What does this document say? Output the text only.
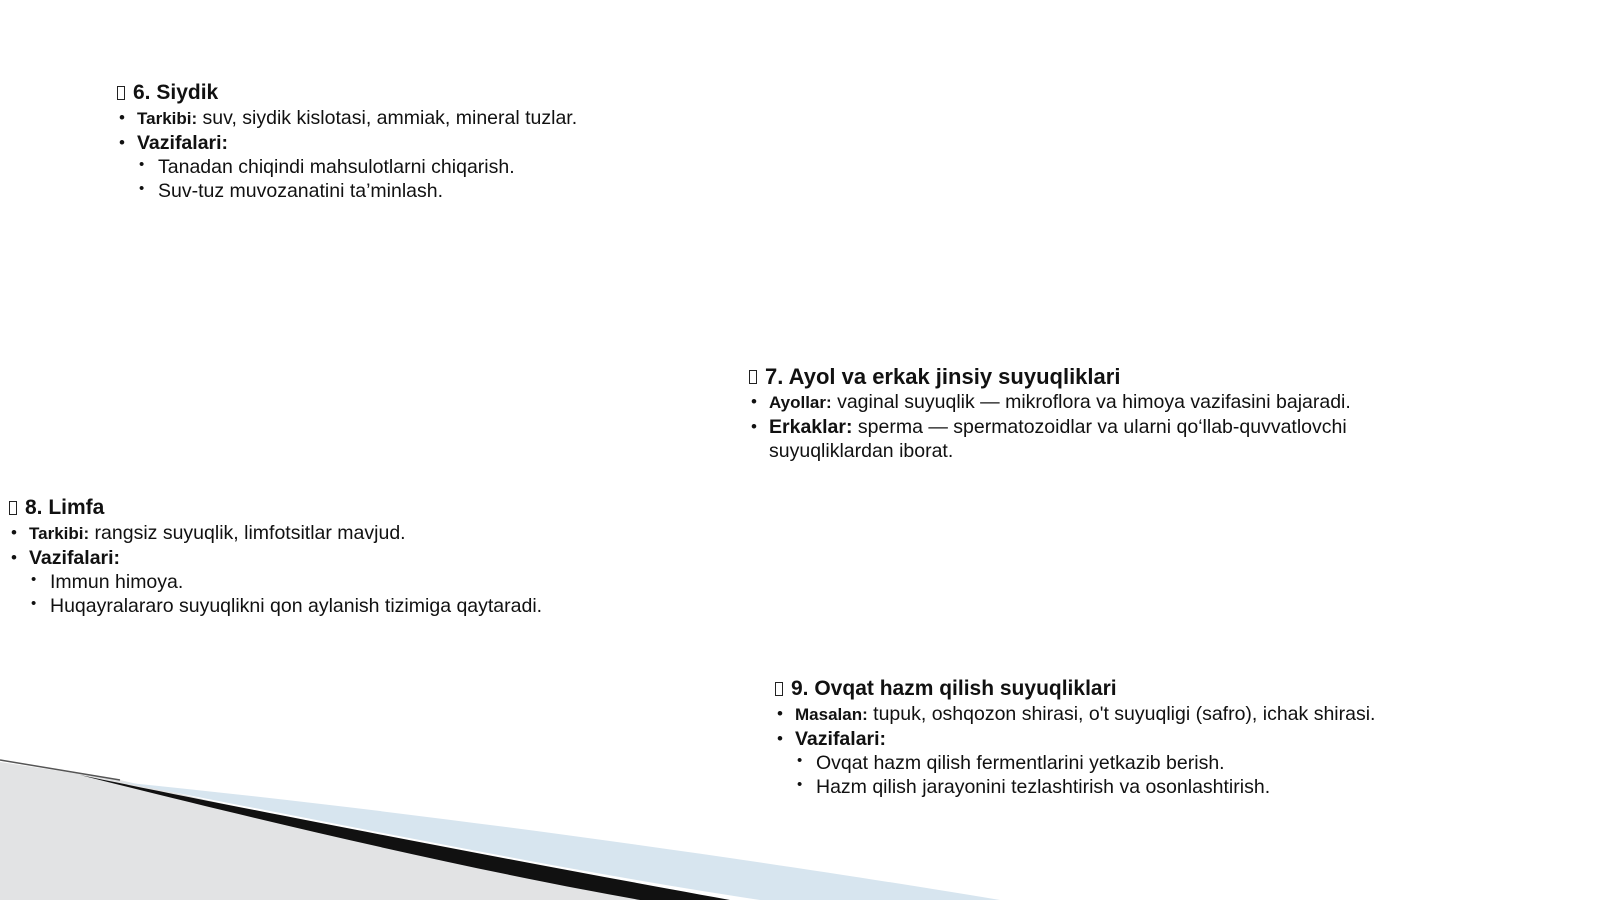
6. Siydik
• Tarkibi: suv, siydik kislotasi, ammiak, mineral tuzlar.
• Vazifalari:
• Tanadan chiqindi mahsulotlarni chiqarish.
• Suv-tuz muvozanatini ta’minlash.
7. Ayol va erkak jinsiy suyuqliklari
• Ayollar: vaginal suyuqlik — mikroflora va himoya vazifasini bajaradi.
• Erkaklar: sperma — spermatozoidlar va ularni qo‘llab-quvvatlovchi suyuqliklardan iborat.
8. Limfa
• Tarkibi: rangsiz suyuqlik, limfotsitlar mavjud.
• Vazifalari:
• Immun himoya.
• Huqayralararo suyuqlikni qon aylanish tizimiga qaytaradi.
9. Ovqat hazm qilish suyuqliklari
• Masalan: tupuk, oshqozon shirasi, o't suyuqligi (safro), ichak shirasi.
• Vazifalari:
• Ovqat hazm qilish fermentlarini yetkazib berish.
• Hazm qilish jarayonini tezlashtirish va osonlashtirish.
